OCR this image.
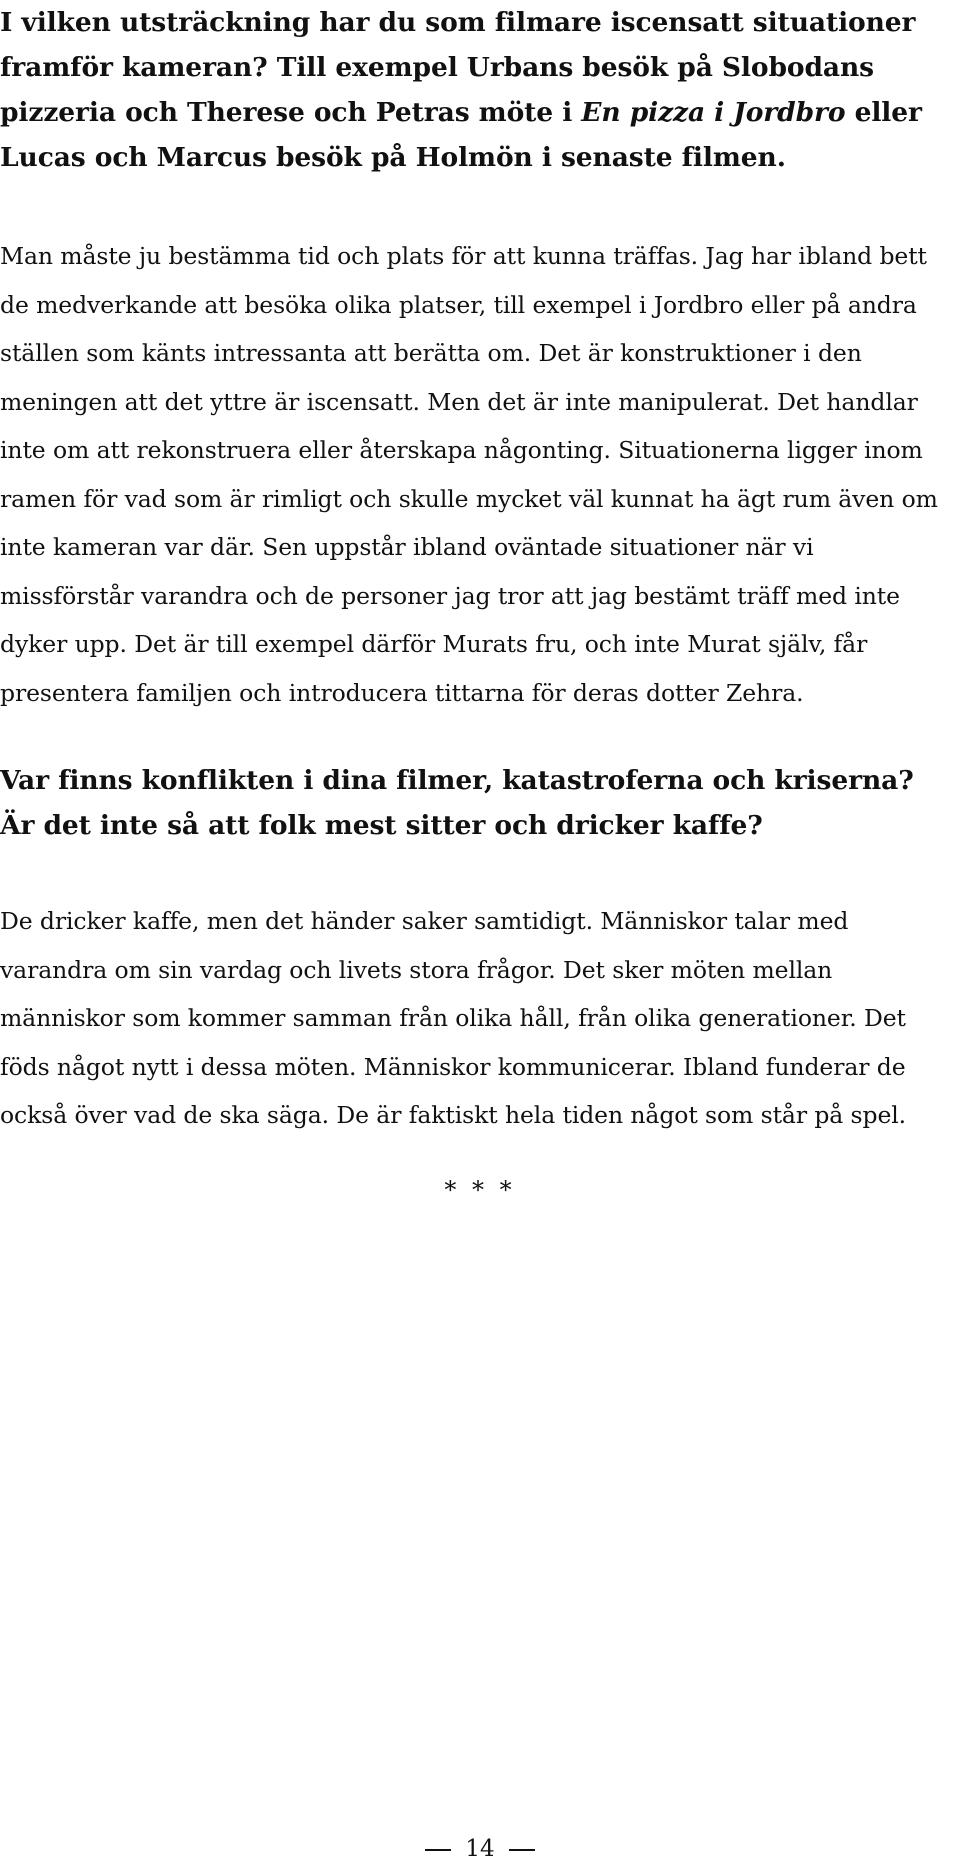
I vilken utsträckning har du som filmare iscensatt situationer framför kameran? Till exempel Urbans besök på Slobodans pizzeria och Therese och Petras möte i En pizza i Jordbro eller Lucas och Marcus besök på Holmön i senaste filmen.

Man måste ju bestämma tid och plats för att kunna träffas. Jag har ibland bett de medverkande att besöka olika platser, till exempel i Jordbro eller på andra ställen som känts intressanta att berätta om. Det är konstruktioner i den meningen att det yttre är iscensatt. Men det är inte manipulerat. Det handlar inte om att rekonstruera eller återskapa någonting. Situationerna ligger inom ramen för vad som är rimligt och skulle mycket väl kunnat ha ägt rum även om inte kameran var där. Sen uppstår ibland oväntade situationer när vi missförstår varandra och de personer jag tror att jag bestämt träff med inte dyker upp. Det är till exempel därför Murats fru, och inte Murat själv, får presentera familjen och introducera tittarna för deras dotter Zehra.

Var finns konflikten i dina filmer, katastroferna och kriserna? Är det inte så att folk mest sitter och dricker kaffe?

De dricker kaffe, men det händer saker samtidigt. Människor talar med varandra om sin vardag och livets stora frågor. Det sker möten mellan människor som kommer samman från olika håll, från olika generationer. Det föds något nytt i dessa möten. Människor kommunicerar. Ibland funderar de också över vad de ska säga. De är faktiskt hela tiden något som står på spel.

* * *
14
